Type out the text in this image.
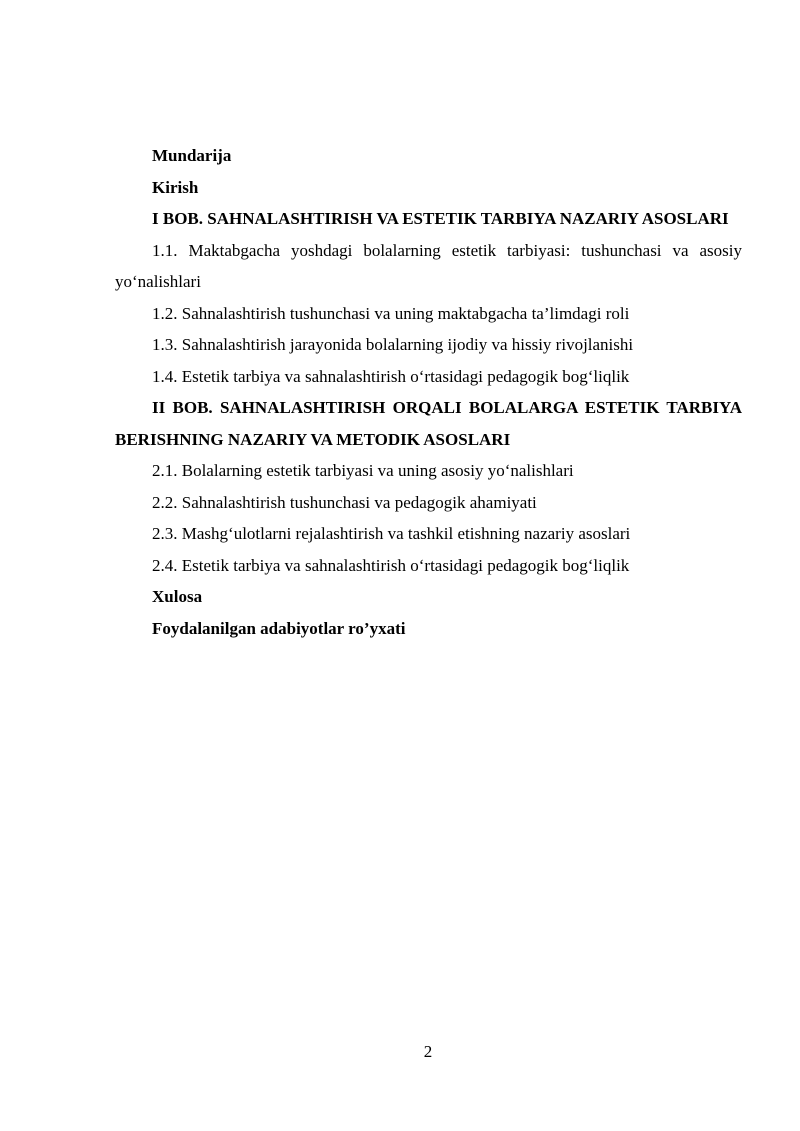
Mundarija

Kirish

I BOB. SAHNALASHTIRISH VA ESTETIK TARBIYA NAZARIY ASOSLARI

1.1. Maktabgacha yoshdagi bolalarning estetik tarbiyasi: tushunchasi va asosiy yo‘nalishlari

1.2. Sahnalashtirish tushunchasi va uning maktabgacha ta’limdagi roli

1.3. Sahnalashtirish jarayonida bolalarning ijodiy va hissiy rivojlanishi

1.4. Estetik tarbiya va sahnalashtirish o‘rtasidagi pedagogik bog‘liqlik

II BOB. SAHNALASHTIRISH ORQALI BOLALARGA ESTETIK TARBIYA BERISHNING NAZARIY VA METODIK ASOSLARI

2.1. Bolalarning estetik tarbiyasi va uning asosiy yo‘nalishlari

2.2. Sahnalashtirish tushunchasi va pedagogik ahamiyati

2.3. Mashg‘ulotlarni rejalashtirish va tashkil etishning nazariy asoslari

2.4. Estetik tarbiya va sahnalashtirish o‘rtasidagi pedagogik bog‘liqlik

Xulosa

Foydalanilgan adabiyotlar ro’yxati

2
